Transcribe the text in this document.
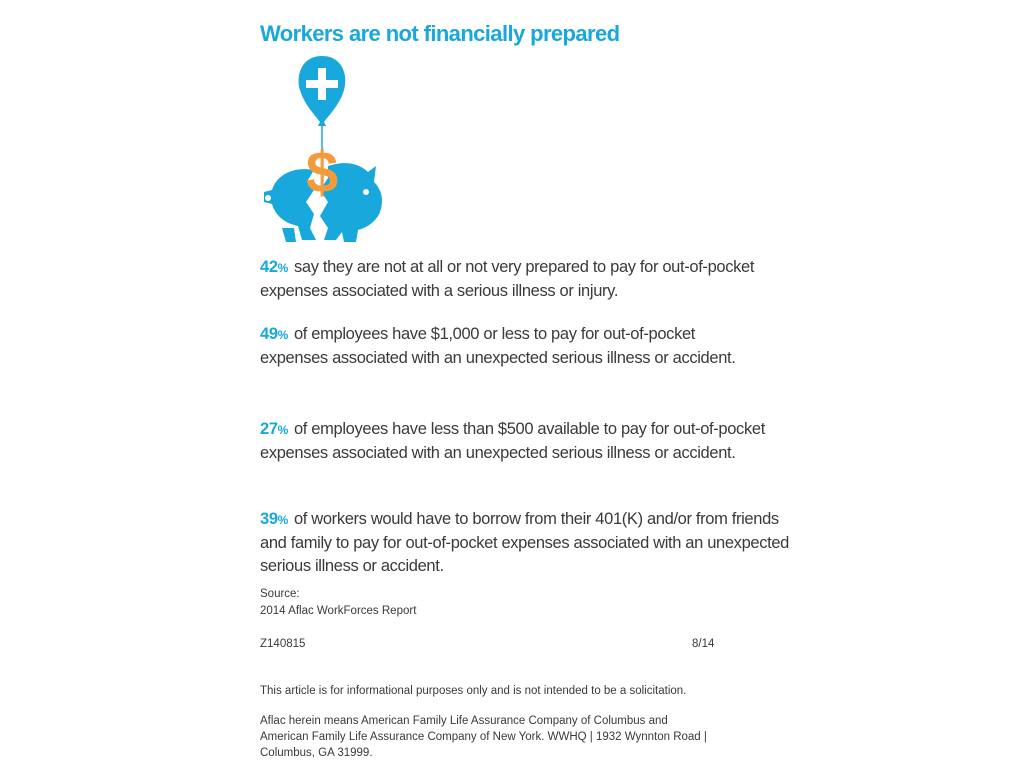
Workers are not financially prepared
$
42% say they are not at all or not very prepared to pay for out-of-pocket expenses associated with a serious illness or injury.
49% of employees have $1,000 or less to pay for out-of-pocket expenses associated with an unexpected serious illness or accident.
27% of employees have less than $500 available to pay for out-of-pocket expenses associated with an unexpected serious illness or accident.
39% of workers would have to borrow from their 401(K) and/or from friends and family to pay for out-of-pocket expenses associated with an unexpected serious illness or accident.
Source:
2014 Aflac WorkForces Report
Z140815	8/14
This article is for informational purposes only and is not intended to be a solicitation.
Aflac herein means American Family Life Assurance Company of Columbus and American Family Life Assurance Company of New York. WWHQ | 1932 Wynnton Road | Columbus, GA 31999.
